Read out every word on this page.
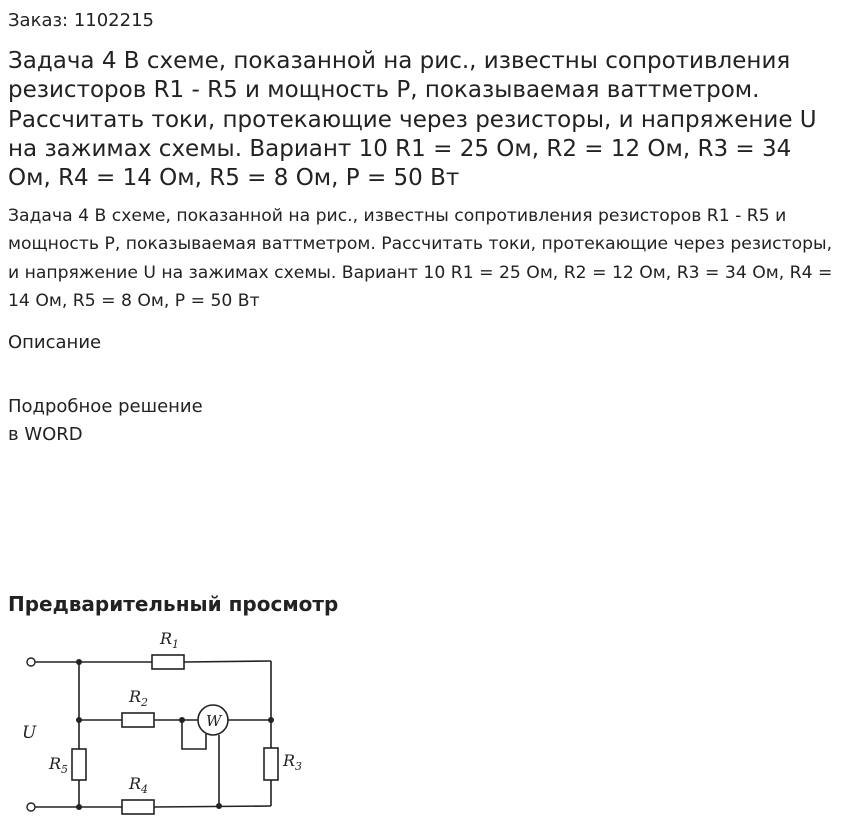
Заказ: 1102215
Задача 4 В схеме, показанной на рис., известны сопротивления резисторов R1 - R5 и мощность P, показываемая ваттметром. Рассчитать токи, протекающие через резисторы, и напряжение U на зажимах схемы. Вариант 10 R1 = 25 Ом, R2 = 12 Ом, R3 = 34 Ом, R4 = 14 Ом, R5 = 8 Ом, P = 50 Вт

Задача 4 В схеме, показанной на рис., известны сопротивления резисторов R1 - R5 и мощность P, показываемая ваттметром. Рассчитать токи, протекающие через резисторы, и напряжение U на зажимах схемы. Вариант 10 R1 = 25 Ом, R2 = 12 Ом, R3 = 34 Ом, R4 = 14 Ом, R5 = 8 Ом, P = 50 Вт

Описание
Подробное решение
в WORD
Предварительный просмотр
U
$R_1$
$R_2$
$R_3$
$R_4$
$R_5$
W
